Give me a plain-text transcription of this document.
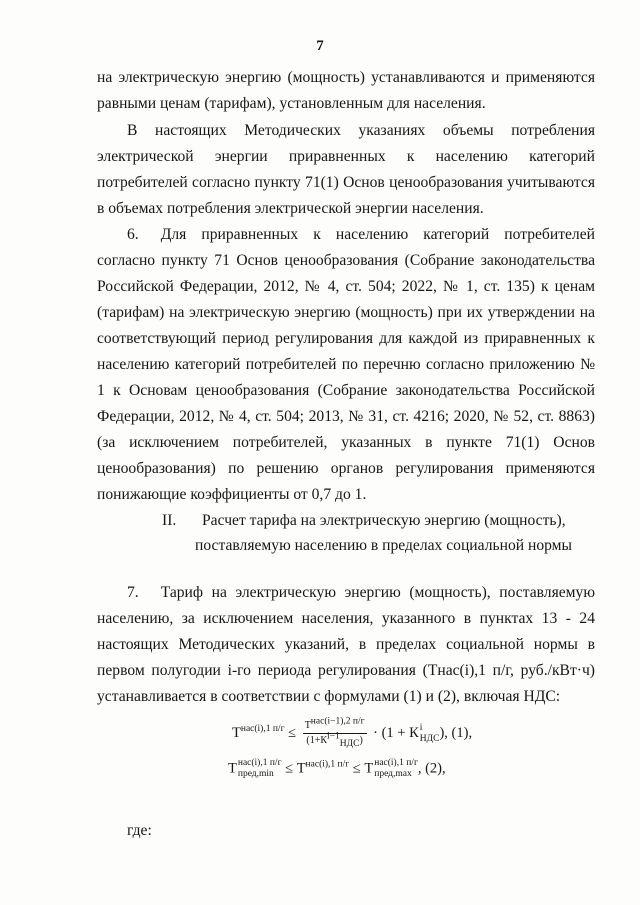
7
на электрическую энергию (мощность) устанавливаются и применяются равными ценам (тарифам), установленным для населения.
В настоящих Методических указаниях объемы потребления электрической энергии приравненных к населению категорий потребителей согласно пункту 71(1) Основ ценообразования учитываются в объемах потребления электрической энергии населения.
6. Для приравненных к населению категорий потребителей согласно пункту 71 Основ ценообразования (Собрание законодательства Российской Федерации, 2012, № 4, ст. 504; 2022, № 1, ст. 135) к ценам (тарифам) на электрическую энергию (мощность) при их утверждении на соответствующий период регулирования для каждой из приравненных к населению категорий потребителей по перечню согласно приложению № 1 к Основам ценообразования (Собрание законодательства Российской Федерации, 2012, № 4, ст. 504; 2013, № 31, ст. 4216; 2020, № 52, ст. 8863) (за исключением потребителей, указанных в пункте 71(1) Основ ценообразования) по решению органов регулирования применяются понижающие коэффициенты от 0,7 до 1.
II. Расчет тарифа на электрическую энергию (мощность),
поставляемую населению в пределах социальной нормы
7. Тариф на электрическую энергию (мощность), поставляемую населению, за исключением населения, указанного в пунктах 13 - 24 настоящих Методических указаний, в пределах социальной нормы в первом полугодии i-го периода регулирования (Тнас(i),1 п/г, руб./кВт·ч) устанавливается в соответствии с формулами (1) и (2), включая НДС:
$Т^{нас(i),1 п/г} \le \frac{Т^{нас(i-1),2 п/г}}{(1+К^{i-1}_{НДС})} \cdot (1 + К$ i
НДС ), (1),
Т нас(i),1 п/г
пред,min ≤ $Т^{нас(i),1 п/г} \le Т$ нас(i),1 п/г
пред,max , (2),
где:
